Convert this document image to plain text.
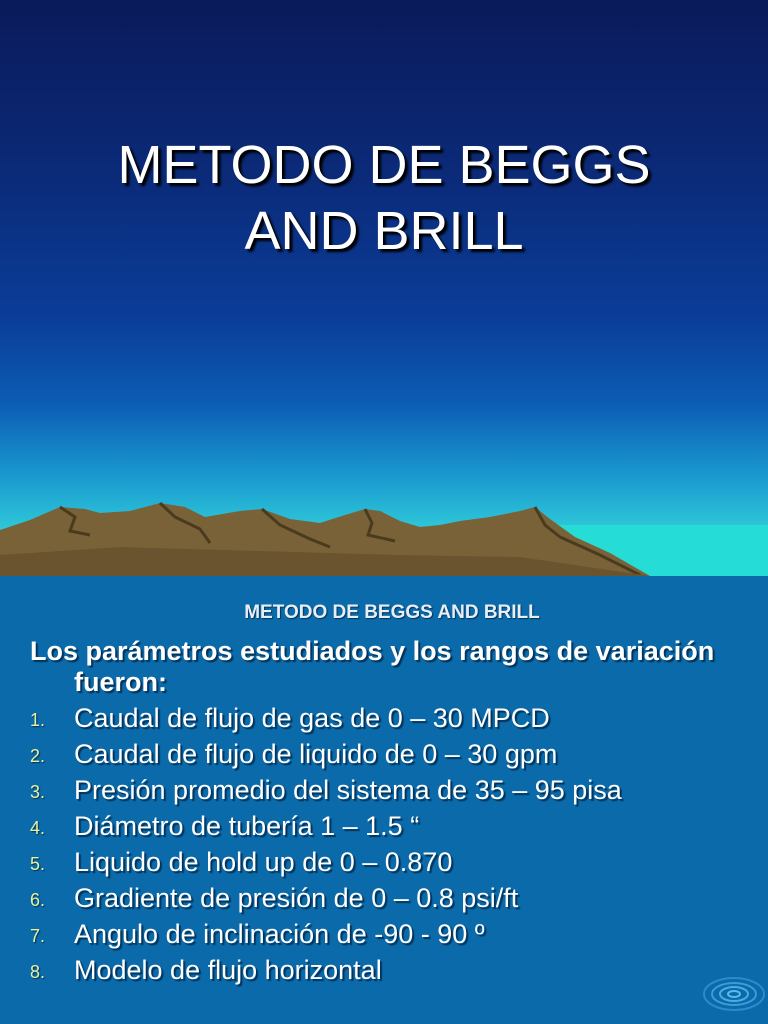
METODO DE BEGGS
AND BRILL
METODO DE BEGGS AND BRILL

Los parámetros estudiados y los rangos de variación fueron:

1. Caudal de flujo de gas de 0 – 30 MPCD
2. Caudal de flujo de liquido de 0 – 30 gpm
3. Presión promedio del sistema de 35 – 95 pisa
4. Diámetro de tubería 1 – 1.5 “
5. Liquido de hold up de 0 – 0.870
6. Gradiente de presión de 0 – 0.8 psi/ft
7. Angulo de inclinación de -90 - 90 º
8. Modelo de flujo horizontal
